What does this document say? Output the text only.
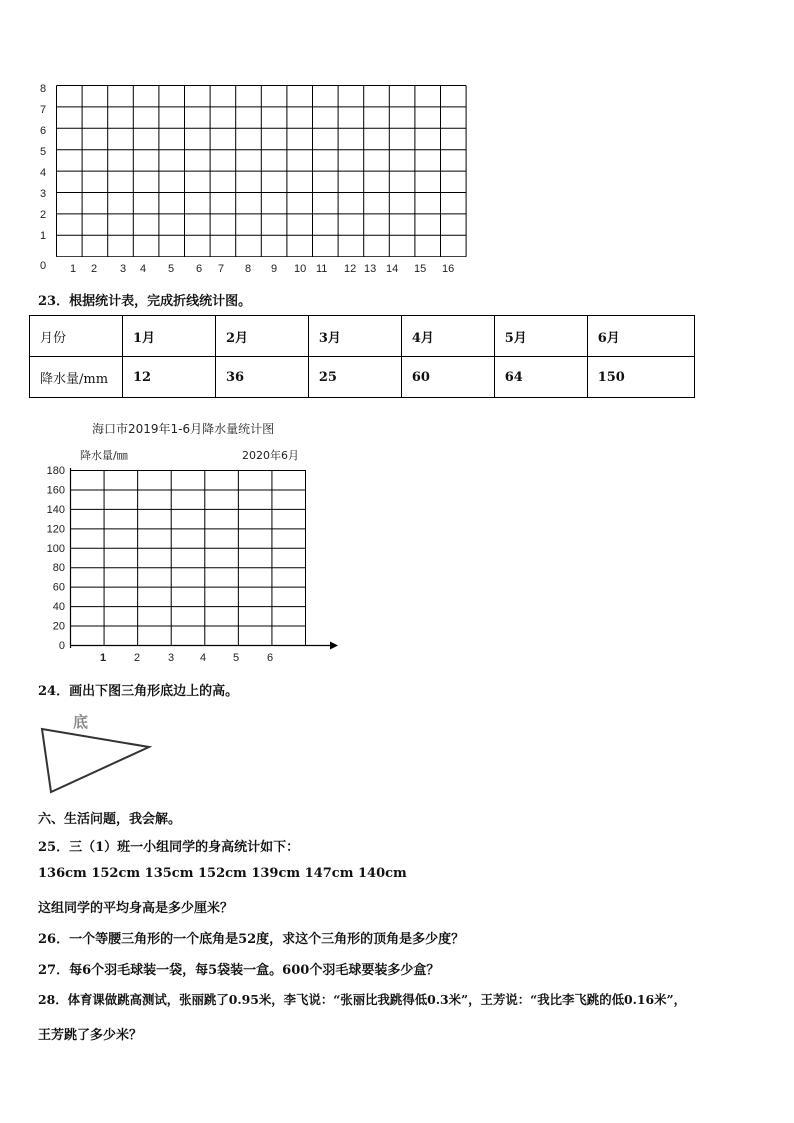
8
7
6
5
4
3
2
1
0 1 2 3 4 5 6 7 8 9 10 11 12 13 14 15 16
23．根据统计表，完成折线统计图。
月份	1月	2月	3月	4月	5月	6月
降水量/mm	12	36	25	60	64	150
海口市2019年1-6月降水量统计图
降水量/㎜	2020年6月
180
160
140
120
100
80
60
40
20
0
1	2	3 4 5	6
24．画出下图三角形底边上的高。
底
六、生活问题，我会解。
25．三（1）班一小组同学的身高统计如下：
136cm 152cm 135cm 152cm 139cm 147cm 140cm
这组同学的平均身高是多少厘米？
26．一个等腰三角形的一个底角是52度，求这个三角形的顶角是多少度？
27．每6个羽毛球装一袋，每5袋装一盒。600个羽毛球要装多少盒？
28．体育课做跳高测试，张丽跳了0.95米，李飞说：“张丽比我跳得低0.3米”，王芳说：“我比李飞跳的低0.16米”，
王芳跳了多少米？
